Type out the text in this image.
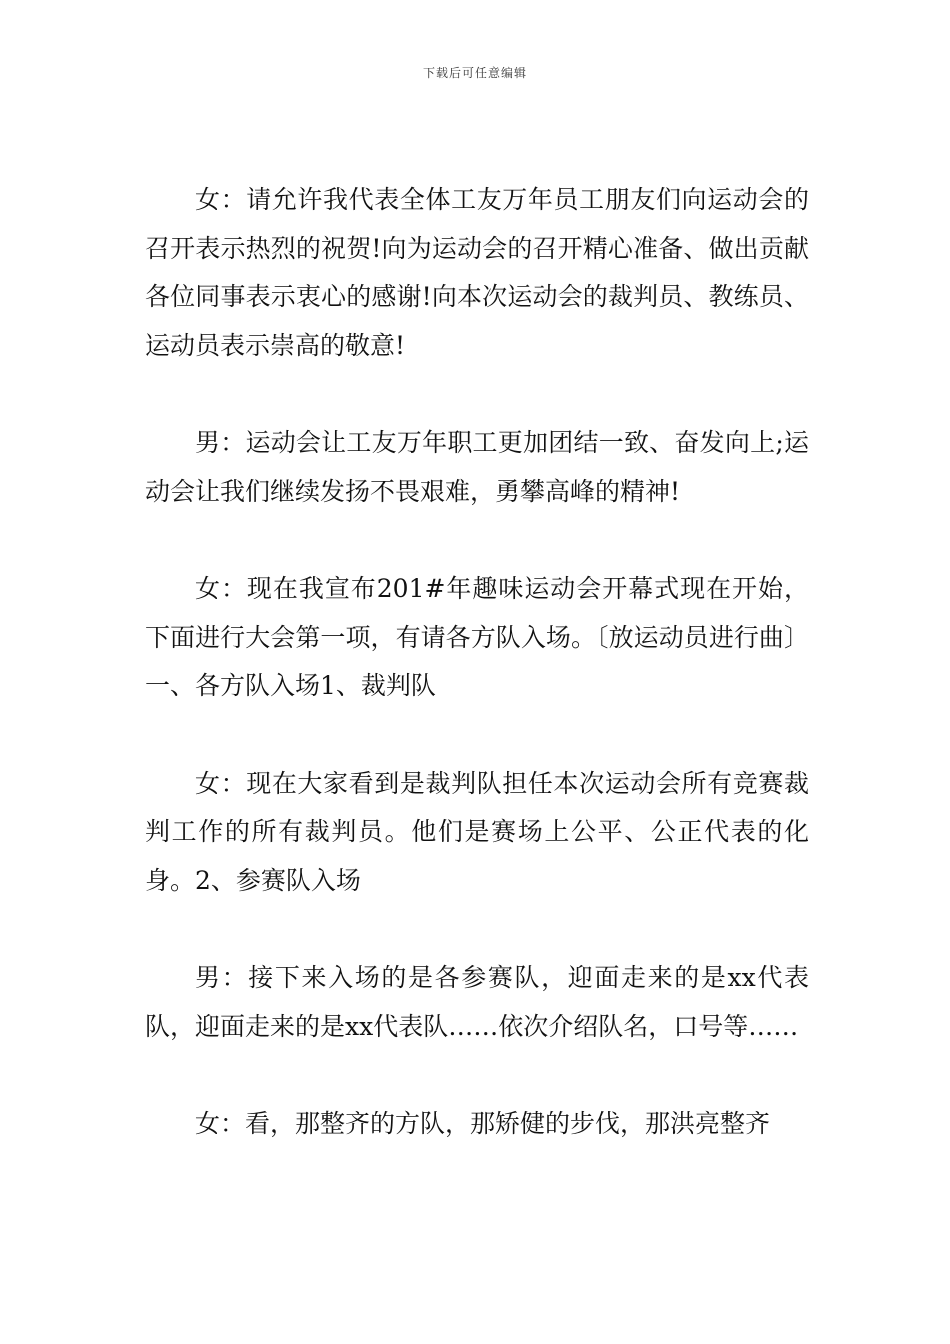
下载后可任意编辑

女：请允许我代表全体工友万年员工朋友们向运动会的召开表示热烈的祝贺!向为运动会的召开精心准备、做出贡献各位同事表示衷心的感谢!向本次运动会的裁判员、教练员、运动员表示崇高的敬意!

男：运动会让工友万年职工更加团结一致、奋发向上;运动会让我们继续发扬不畏艰难，勇攀高峰的精神!

女：现在我宣布201#年趣味运动会开幕式现在开始，下面进行大会第一项，有请各方队入场。〔放运动员进行曲〕一、各方队入场1、裁判队

女：现在大家看到是裁判队担任本次运动会所有竞赛裁判工作的所有裁判员。他们是赛场上公平、公正代表的化身。2、参赛队入场

男：接下来入场的是各参赛队，迎面走来的是xx代表队，迎面走来的是xx代表队……依次介绍队名，口号等……

女：看，那整齐的方队，那矫健的步伐，那洪亮整齐
